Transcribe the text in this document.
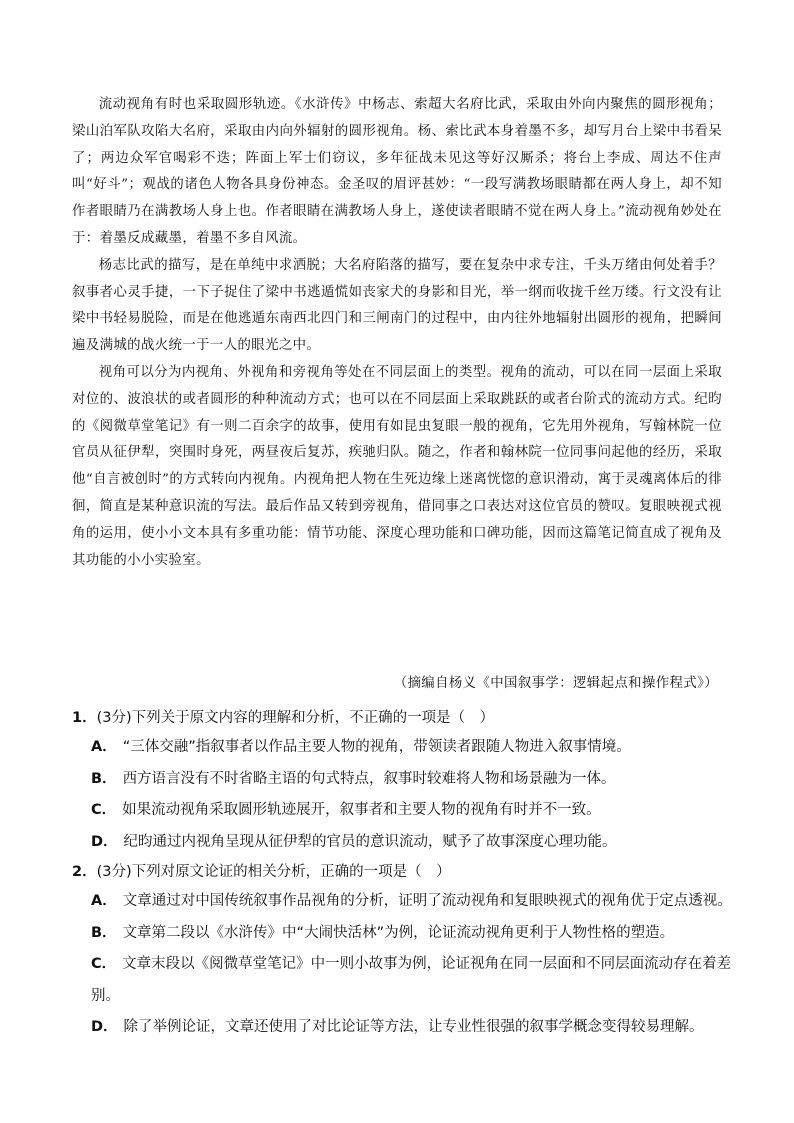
流动视角有时也采取圆形轨迹。《水浒传》中杨志、索超大名府比武，采取由外向内聚焦的圆形视角；梁山泊军队攻陷大名府，采取由内向外辐射的圆形视角。杨、索比武本身着墨不多，却写月台上梁中书看呆了；两边众军官喝彩不迭；阵面上军士们窃议，多年征战未见这等好汉厮杀；将台上李成、周达不住声叫“好斗”；观战的诸色人物各具身份神态。金圣叹的眉评甚妙：“一段写满教场眼睛都在两人身上，却不知作者眼睛乃在满教场人身上也。作者眼睛在满教场人身上，遂使读者眼睛不觉在两人身上。”流动视角妙处在于：着墨反成藏墨，着墨不多自风流。

杨志比武的描写，是在单纯中求洒脱；大名府陷落的描写，要在复杂中求专注，千头万绪由何处着手？叙事者心灵手捷，一下子捉住了梁中书逃遁慌如丧家犬的身影和目光，举一纲而收拢千丝万缕。行文没有让梁中书轻易脱险，而是在他逃遁东南西北四门和三闸南门的过程中，由内往外地辐射出圆形的视角，把瞬间遍及满城的战火统一于一人的眼光之中。

视角可以分为内视角、外视角和旁视角等处在不同层面上的类型。视角的流动，可以在同一层面上采取对位的、波浪状的或者圆形的种种流动方式；也可以在不同层面上采取跳跃的或者台阶式的流动方式。纪昀的《阅微草堂笔记》有一则二百余字的故事，使用有如昆虫复眼一般的视角，它先用外视角，写翰林院一位官员从征伊犁，突围时身死，两昼夜后复苏，疾驰归队。随之，作者和翰林院一位同事问起他的经历，采取他“自言被创时”的方式转向内视角。内视角把人物在生死边缘上迷离恍惚的意识滑动，寓于灵魂离体后的徘徊，简直是某种意识流的写法。最后作品又转到旁视角，借同事之口表达对这位官员的赞叹。复眼映视式视角的运用，使小小文本具有多重功能：情节功能、深度心理功能和口碑功能，因而这篇笔记简直成了视角及其功能的小小实验室。

（摘编自杨义《中国叙事学：逻辑起点和操作程式》）

1．(3分)下列关于原文内容的理解和分析，不正确的一项是（　）

A． “三体交融”指叙事者以作品主要人物的视角，带领读者跟随人物进入叙事情境。
B． 西方语言没有不时省略主语的句式特点，叙事时较难将人物和场景融为一体。
C． 如果流动视角采取圆形轨迹展开，叙事者和主要人物的视角有时并不一致。
D． 纪昀通过内视角呈现从征伊犁的官员的意识流动，赋予了故事深度心理功能。

2．(3分)下列对原文论证的相关分析，正确的一项是（　）

A． 文章通过对中国传统叙事作品视角的分析，证明了流动视角和复眼映视式的视角优于定点透视。
B． 文章第二段以《水浒传》中“大闹快活林”为例，论证流动视角更利于人物性格的塑造。
C． 文章末段以《阅微草堂笔记》中一则小故事为例，论证视角在同一层面和不同层面流动存在着差别。
D． 除了举例论证，文章还使用了对比论证等方法，让专业性很强的叙事学概念变得较易理解。
